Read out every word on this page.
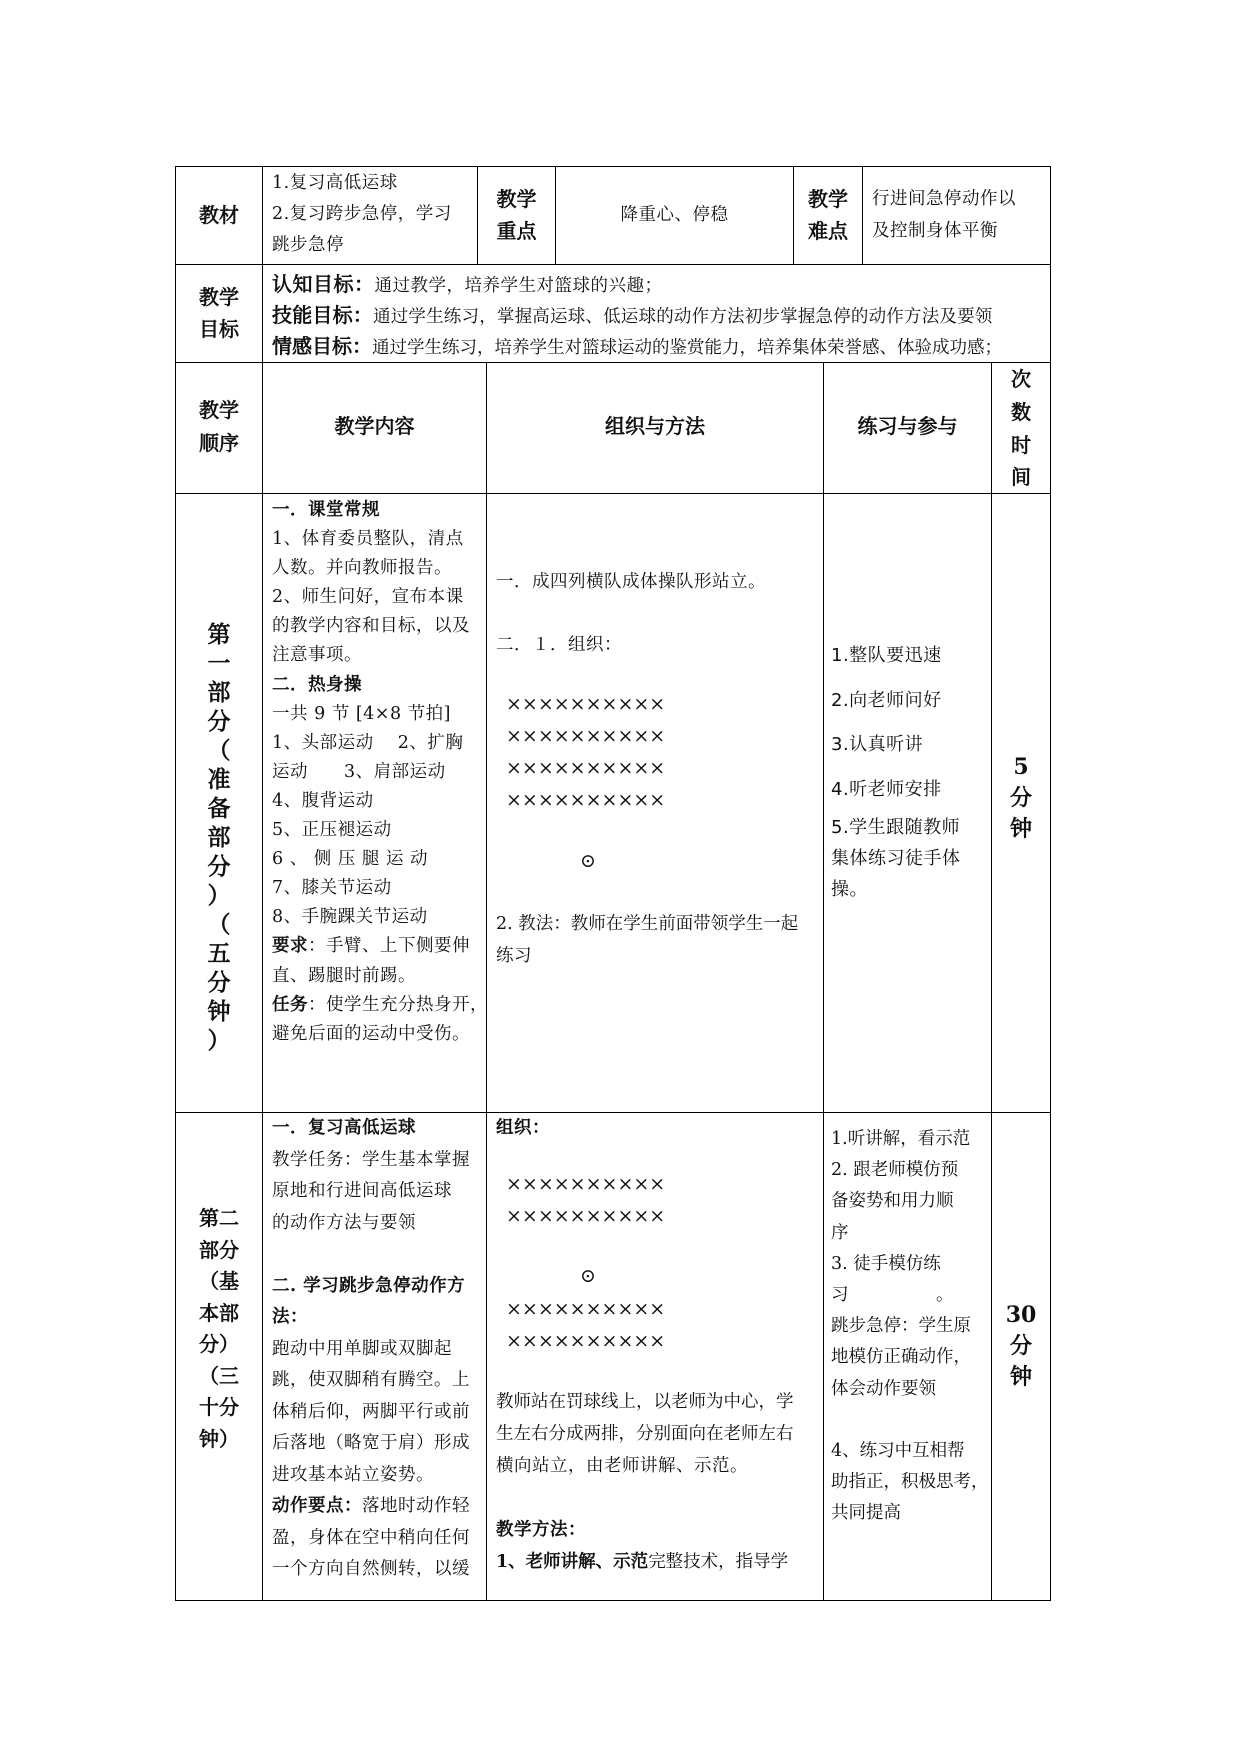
教材
1.复习高低运球
2.复习跨步急停，学习
跳步急停
教学
重点
降重心、停稳
教学
难点
行进间急停动作以
及控制身体平衡
教学
目标
认知目标：通过教学，培养学生对篮球的兴趣；
技能目标：通过学生练习，掌握高运球、低运球的动作方法初步掌握急停的动作方法及要领
情感目标：通过学生练习，培养学生对篮球运动的鉴赏能力，培养集体荣誉感、体验成功感；
教学
顺序
教学内容	组织与方法	练习与参与
次
数
时
间
第
一
部
分
（
准
备
部
分
）
（
五
分
钟
）
一．课堂常规
1、体育委员整队，清点
人数。并向教师报告。
2、师生问好，宣布本课
的教学内容和目标，以及
注意事项。
二．热身操
一共 9 节 [4×8 节拍]
1、头部运动　 2、扩胸
运动　　3、肩部运动
4、腹背运动
5、正压褪运动
6 、 侧 压 腿 运 动
7、膝关节运动
8、手腕踝关节运动
要求：手臂、上下侧要伸
直、踢腿时前踢。
任务：使学生充分热身开，
避免后面的运动中受伤。
一．成四列横队成体操队形站立。
二．１．组织：
××××××××××
××××××××××
××××××××××
××××××××××
⊙
2. 教法：教师在学生前面带领学生一起
练习
1.整队要迅速
2.向老师问好
3.认真听讲
4.听老师安排
5.学生跟随教师
集体练习徒手体
操。
5
分
钟
第二
部分
（基
本部
分）
（三
十分
钟）
一．复习高低运球
教学任务：学生基本掌握
原地和行进间高低运球
的动作方法与要领
二. 学习跳步急停动作方
法：
跑动中用单脚或双脚起
跳，使双脚稍有腾空。上
体稍后仰，两脚平行或前
后落地（略宽于肩）形成
进攻基本站立姿势。
动作要点：落地时动作轻
盈，身体在空中稍向任何
一个方向自然侧转，以缓
组织：
××××××××××
××××××××××
⊙
××××××××××
××××××××××
教师站在罚球线上，以老师为中心，学
生左右分成两排，分别面向在老师左右
横向站立，由老师讲解、示范。
教学方法：
1、老师讲解、示范完整技术，指导学
1.听讲解，看示范
2. 跟老师模仿预
备姿势和用力顺
序
3. 徒手模仿练
习　　　　　。
跳步急停：学生原
地模仿正确动作，
体会动作要领
4、练习中互相帮
助指正，积极思考，
共同提高
30
分
钟
